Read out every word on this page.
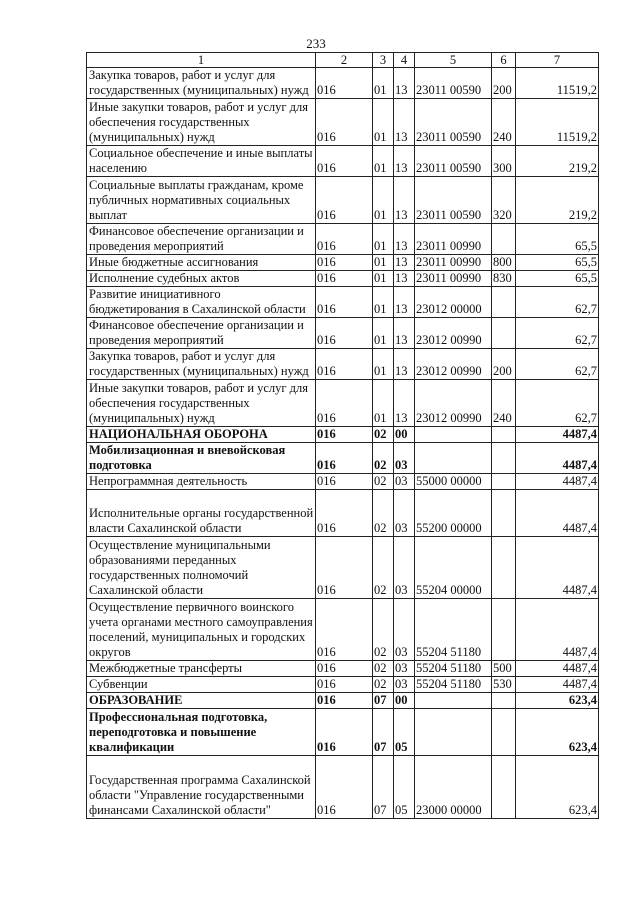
233
1	2	3	4	5	6	7
Закупка товаров, работ и услуг для государственных (муниципальных) нужд	016	01	13	23011 00590	200	11519,2
Иные закупки товаров, работ и услуг для обеспечения государственных (муниципальных) нужд	016	01	13	23011 00590	240	11519,2
Социальное обеспечение и иные выплаты населению	016	01	13	23011 00590	300	219,2
Социальные выплаты гражданам, кроме публичных нормативных социальных выплат	016	01	13	23011 00590	320	219,2
Финансовое обеспечение организации и проведения мероприятий	016	01	13	23011 00990		65,5
Иные бюджетные ассигнования	016	01	13	23011 00990	800	65,5
Исполнение судебных актов	016	01	13	23011 00990	830	65,5
Развитие инициативного бюджетирования в Сахалинской области	016	01	13	23012 00000		62,7
Финансовое обеспечение организации и проведения мероприятий	016	01	13	23012 00990		62,7
Закупка товаров, работ и услуг для государственных (муниципальных) нужд	016	01	13	23012 00990	200	62,7
Иные закупки товаров, работ и услуг для обеспечения государственных (муниципальных) нужд	016	01	13	23012 00990	240	62,7
НАЦИОНАЛЬНАЯ ОБОРОНА	016	02	00			4487,4
Мобилизационная и вневойсковая подготовка	016	02	03			4487,4
Непрограммная деятельность	016	02	03	55000 00000		4487,4
Исполнительные органы государственной власти Сахалинской области	016	02	03	55200 00000		4487,4
Осуществление муниципальными образованиями переданных государственных полномочий Сахалинской области	016	02	03	55204 00000		4487,4
Осуществление первичного воинского учета органами местного самоуправления поселений, муниципальных и городских округов	016	02	03	55204 51180		4487,4
Межбюджетные трансферты	016	02	03	55204 51180	500	4487,4
Субвенции	016	02	03	55204 51180	530	4487,4
ОБРАЗОВАНИЕ	016	07	00			623,4
Профессиональная подготовка, переподготовка и повышение квалификации	016	07	05			623,4
Государственная программа Сахалинской области "Управление государственными финансами Сахалинской области"	016	07	05	23000 00000		623,4
